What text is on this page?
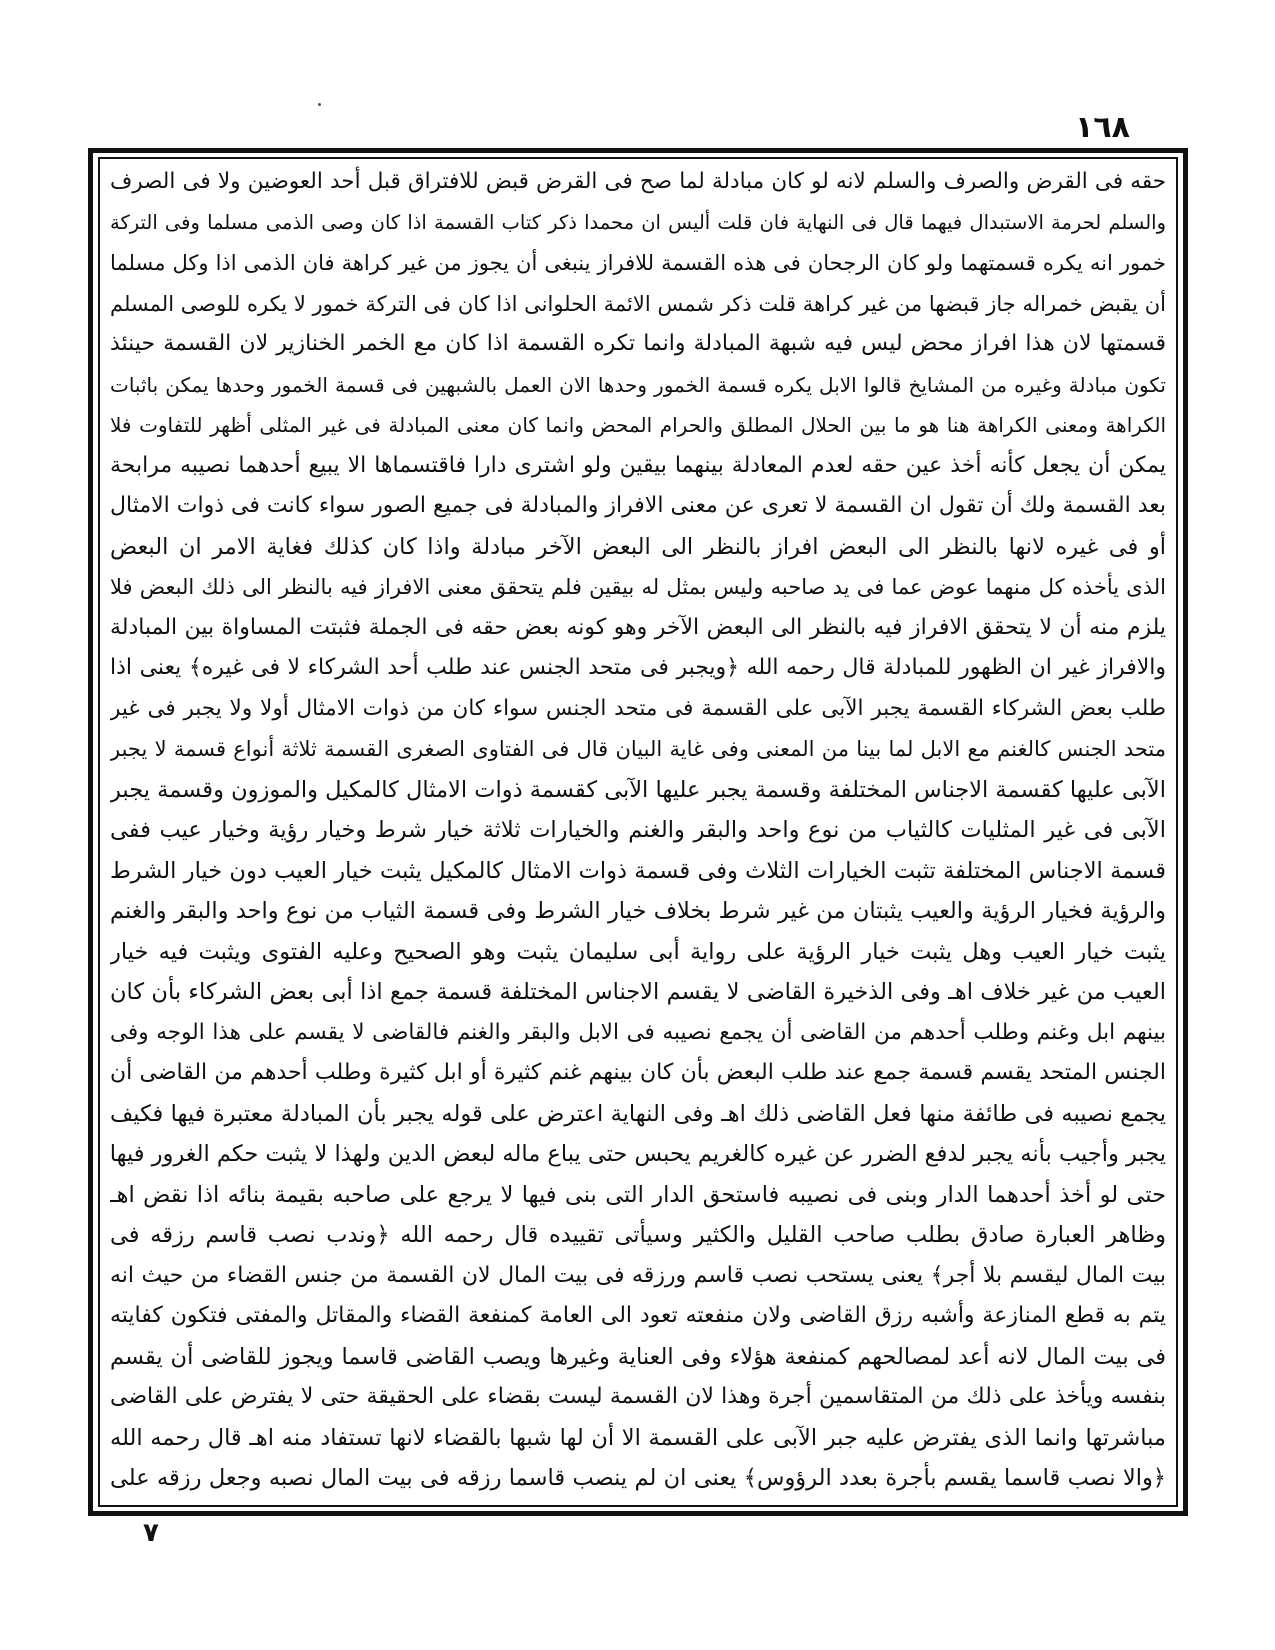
١٦٨
حقه فى القرض والصرف والسلم لانه لو كان مبادلة لما صح فى القرض قبض للافتراق قبل أحد العوضين ولا فى الصرف
والسلم لحرمة الاستبدال فيهما قال فى النهاية فان قلت أليس ان محمدا ذكر كتاب القسمة اذا كان وصى الذمى مسلما وفى التركة
خمور انه يكره قسمتهما ولو كان الرجحان فى هذه القسمة للافراز ينبغى أن يجوز من غير كراهة فان الذمى اذا وكل مسلما
أن يقبض خمراله جاز قبضها من غير كراهة قلت ذكر شمس الائمة الحلوانى اذا كان فى التركة خمور لا يكره للوصى المسلم
قسمتها لان هذا افراز محض ليس فيه شبهة المبادلة وانما تكره القسمة اذا كان مع الخمر الخنازير لان القسمة حينئذ
تكون مبادلة وغيره من المشايخ قالوا الابل يكره قسمة الخمور وحدها الان العمل بالشبهين فى قسمة الخمور وحدها يمكن باثبات
الكراهة ومعنى الكراهة هنا هو ما بين الحلال المطلق والحرام المحض وانما كان معنى المبادلة فى غير المثلى أظهر للتفاوت فلا
يمكن أن يجعل كأنه أخذ عين حقه لعدم المعادلة بينهما بيقين ولو اشترى دارا فاقتسماها الا يبيع أحدهما نصيبه مرابحة
بعد القسمة ولك أن تقول ان القسمة لا تعرى عن معنى الافراز والمبادلة فى جميع الصور سواء كانت فى ذوات الامثال
أو فى غيره لانها بالنظر الى البعض افراز بالنظر الى البعض الآخر مبادلة واذا كان كذلك فغاية الامر ان البعض
الذى يأخذه كل منهما عوض عما فى يد صاحبه وليس بمثل له بيقين فلم يتحقق معنى الافراز فيه بالنظر الى ذلك البعض فلا
يلزم منه أن لا يتحقق الافراز فيه بالنظر الى البعض الآخر وهو كونه بعض حقه فى الجملة فثبتت المساواة بين المبادلة
والافراز غير ان الظهور للمبادلة قال رحمه الله ﴿ويجبر فى متحد الجنس عند طلب أحد الشركاء لا فى غيره﴾ يعنى اذا
طلب بعض الشركاء القسمة يجبر الآبى على القسمة فى متحد الجنس سواء كان من ذوات الامثال أولا ولا يجبر فى غير
متحد الجنس كالغنم مع الابل لما بينا من المعنى وفى غاية البيان قال فى الفتاوى الصغرى القسمة ثلاثة أنواع قسمة لا يجبر
الآبى عليها كقسمة الاجناس المختلفة وقسمة يجبر عليها الآبى كقسمة ذوات الامثال كالمكيل والموزون وقسمة يجبر
الآبى فى غير المثليات كالثياب من نوع واحد والبقر والغنم والخيارات ثلاثة خيار شرط وخيار رؤية وخيار عيب ففى
قسمة الاجناس المختلفة تثبت الخيارات الثلاث وفى قسمة ذوات الامثال كالمكيل يثبت خيار العيب دون خيار الشرط
والرؤية فخيار الرؤية والعيب يثبتان من غير شرط بخلاف خيار الشرط وفى قسمة الثياب من نوع واحد والبقر والغنم
يثبت خيار العيب وهل يثبت خيار الرؤية على رواية أبى سليمان يثبت وهو الصحيح وعليه الفتوى ويثبت فيه خيار
العيب من غير خلاف اهـ وفى الذخيرة القاضى لا يقسم الاجناس المختلفة قسمة جمع اذا أبى بعض الشركاء بأن كان
بينهم ابل وغنم وطلب أحدهم من القاضى أن يجمع نصيبه فى الابل والبقر والغنم فالقاضى لا يقسم على هذا الوجه وفى
الجنس المتحد يقسم قسمة جمع عند طلب البعض بأن كان بينهم غنم كثيرة أو ابل كثيرة وطلب أحدهم من القاضى أن
يجمع نصيبه فى طائفة منها فعل القاضى ذلك اهـ وفى النهاية اعترض على قوله يجبر بأن المبادلة معتبرة فيها فكيف
يجبر وأجيب بأنه يجبر لدفع الضرر عن غيره كالغريم يحبس حتى يباع ماله لبعض الدين ولهذا لا يثبت حكم الغرور فيها
حتى لو أخذ أحدهما الدار وبنى فى نصيبه فاستحق الدار التى بنى فيها لا يرجع على صاحبه بقيمة بنائه اذا نقض اهـ
وظاهر العبارة صادق بطلب صاحب القليل والكثير وسيأتى تقييده قال رحمه الله ﴿وندب نصب قاسم رزقه فى
بيت المال ليقسم بلا أجر﴾ يعنى يستحب نصب قاسم ورزقه فى بيت المال لان القسمة من جنس القضاء من حيث انه
يتم به قطع المنازعة وأشبه رزق القاضى ولان منفعته تعود الى العامة كمنفعة القضاء والمقاتل والمفتى فتكون كفايته
فى بيت المال لانه أعد لمصالحهم كمنفعة هؤلاء وفى العناية وغيرها ويصب القاضى قاسما ويجوز للقاضى أن يقسم
بنفسه ويأخذ على ذلك من المتقاسمين أجرة وهذا لان القسمة ليست بقضاء على الحقيقة حتى لا يفترض على القاضى
مباشرتها وانما الذى يفترض عليه جبر الآبى على القسمة الا أن لها شبها بالقضاء لانها تستفاد منه اهـ قال رحمه الله
﴿والا نصب قاسما يقسم بأجرة بعدد الرؤوس﴾ يعنى ان لم ينصب قاسما رزقه فى بيت المال نصبه وجعل رزقه على
٧
